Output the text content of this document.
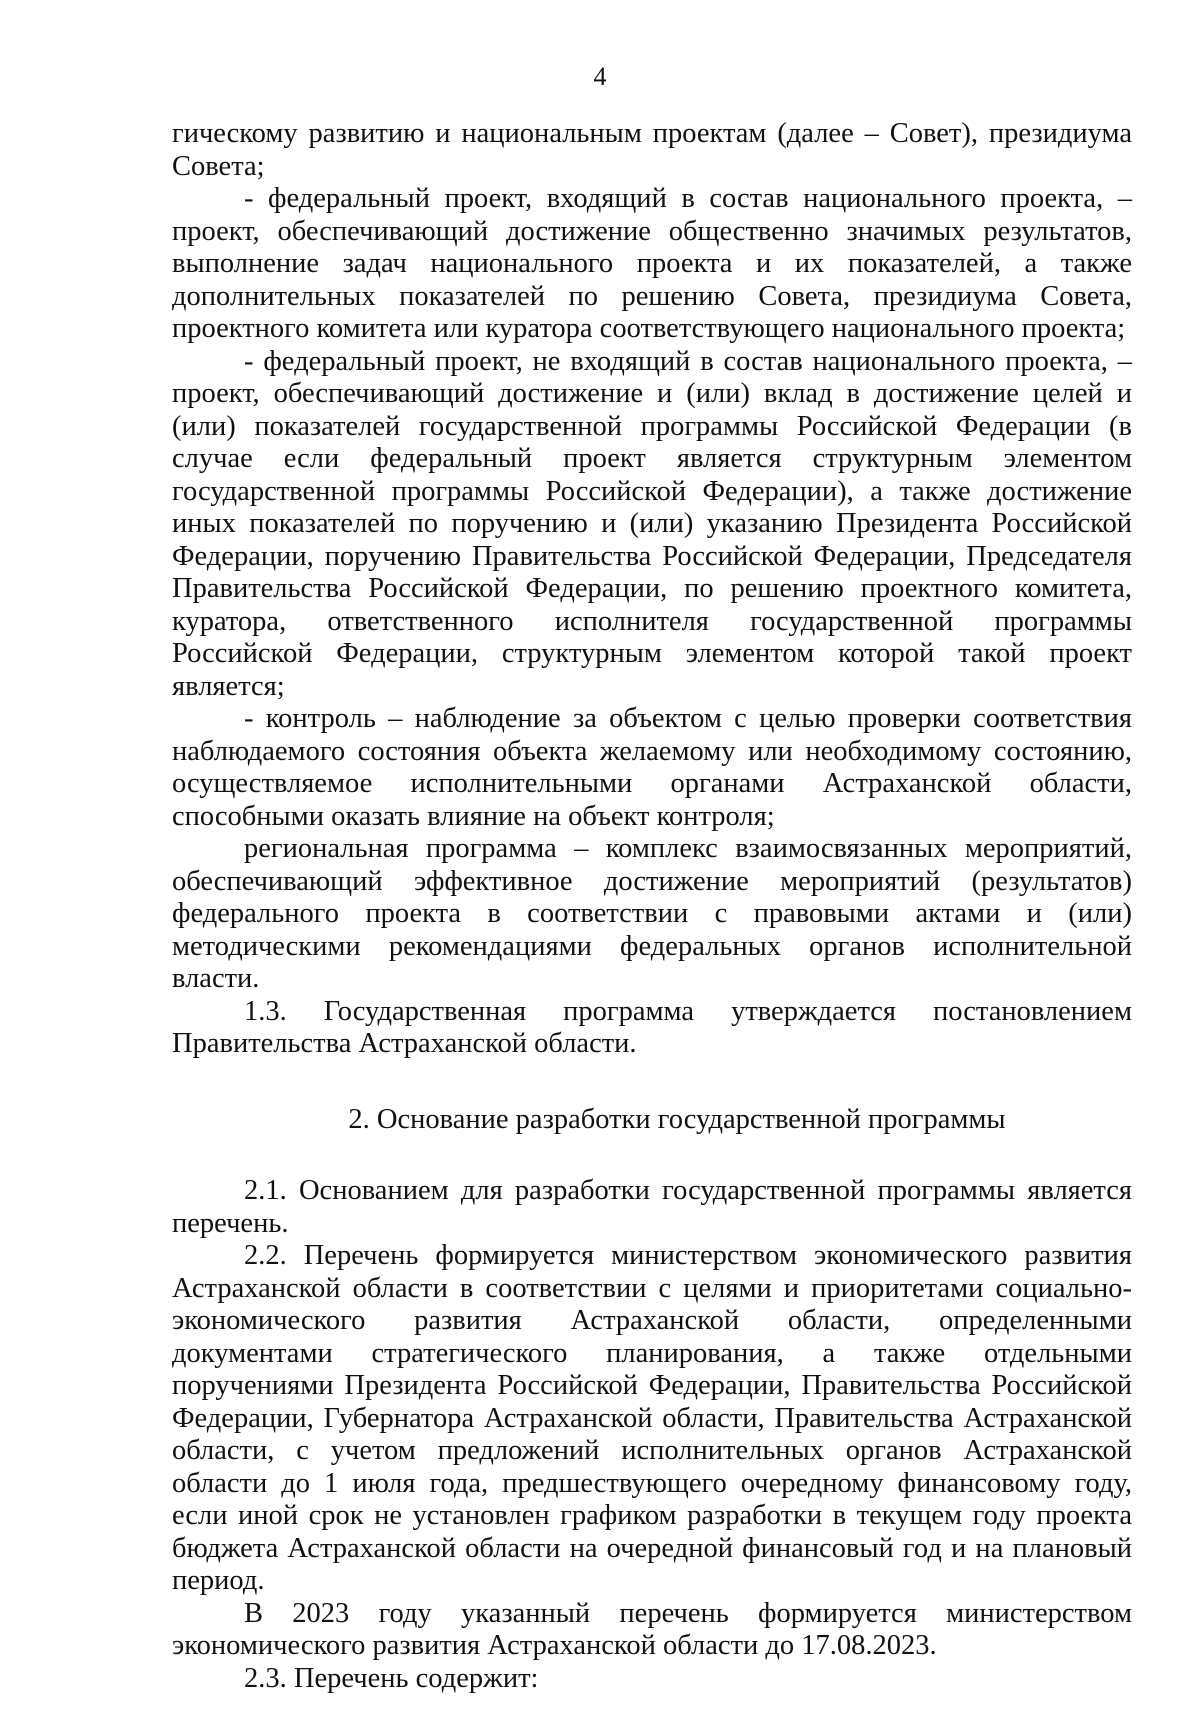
4

гическому развитию и национальным проектам (далее – Совет), президиума Совета;

- федеральный проект, входящий в состав национального проекта, – проект, обеспечивающий достижение общественно значимых результатов, выполнение задач национального проекта и их показателей, а также дополнительных показателей по решению Совета, президиума Совета, проектного комитета или куратора соответствующего национального проекта;

- федеральный проект, не входящий в состав национального проекта, – проект, обеспечивающий достижение и (или) вклад в достижение целей и (или) показателей государственной программы Российской Федерации (в случае если федеральный проект является структурным элементом государственной программы Российской Федерации), а также достижение иных показателей по поручению и (или) указанию Президента Российской Федерации, поручению Правительства Российской Федерации, Председателя Правительства Российской Федерации, по решению проектного комитета, куратора, ответственного исполнителя государственной программы Российской Федерации, структурным элементом которой такой проект является;

- контроль – наблюдение за объектом с целью проверки соответствия наблюдаемого состояния объекта желаемому или необходимому состоянию, осуществляемое исполнительными органами Астраханской области, способными оказать влияние на объект контроля;

региональная программа – комплекс взаимосвязанных мероприятий, обеспечивающий эффективное достижение мероприятий (результатов) федерального проекта в соответствии с правовыми актами и (или) методическими рекомендациями федеральных органов исполнительной власти.

1.3. Государственная программа утверждается постановлением Правительства Астраханской области.

2. Основание разработки государственной программы

2.1. Основанием для разработки государственной программы является перечень.

2.2. Перечень формируется министерством экономического развития Астраханской области в соответствии с целями и приоритетами социально-экономического развития Астраханской области, определенными документами стратегического планирования, а также отдельными поручениями Президента Российской Федерации, Правительства Российской Федерации, Губернатора Астраханской области, Правительства Астраханской области, с учетом предложений исполнительных органов Астраханской области до 1 июля года, предшествующего очередному финансовому году, если иной срок не установлен графиком разработки в текущем году проекта бюджета Астраханской области на очередной финансовый год и на плановый период.

В 2023 году указанный перечень формируется министерством экономического развития Астраханской области до 17.08.2023.

2.3. Перечень содержит:
